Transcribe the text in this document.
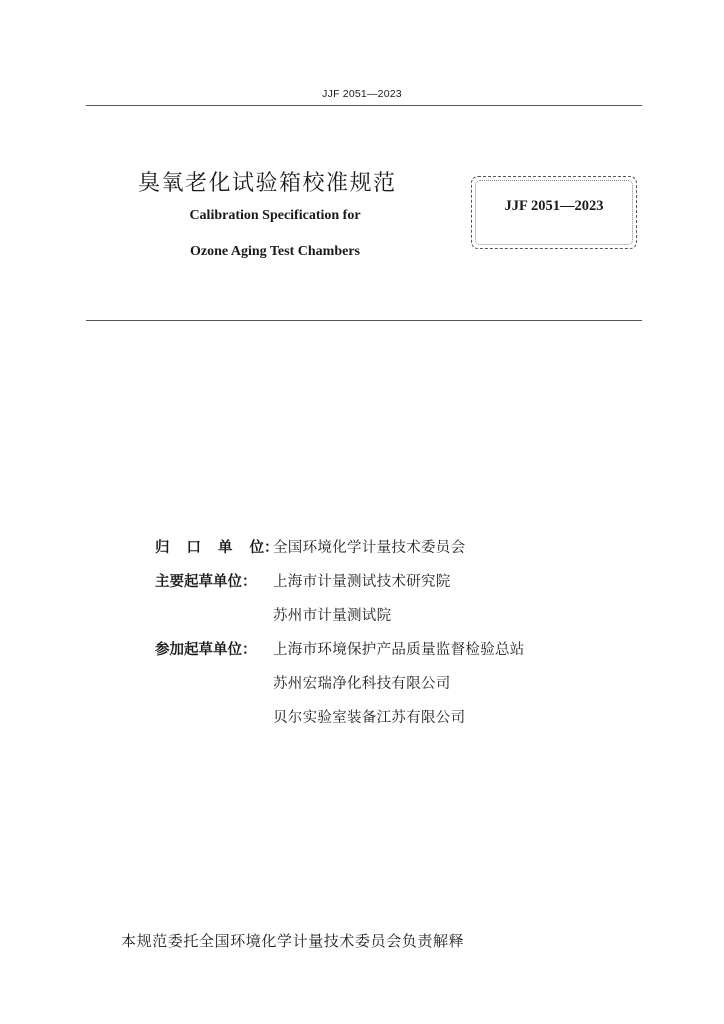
JJF 2051—2023
臭氧老化试验箱校准规范
Calibration Specification for
Ozone Aging Test Chambers
JJF 2051—2023
归 口 单 位：
全国环境化学计量技术委员会
主要起草单位：	上海市计量测试技术研究院
苏州市计量测试院
参加起草单位：	上海市环境保护产品质量监督检验总站
苏州宏瑞净化科技有限公司
贝尔实验室装备江苏有限公司
本规范委托全国环境化学计量技术委员会负责解释
